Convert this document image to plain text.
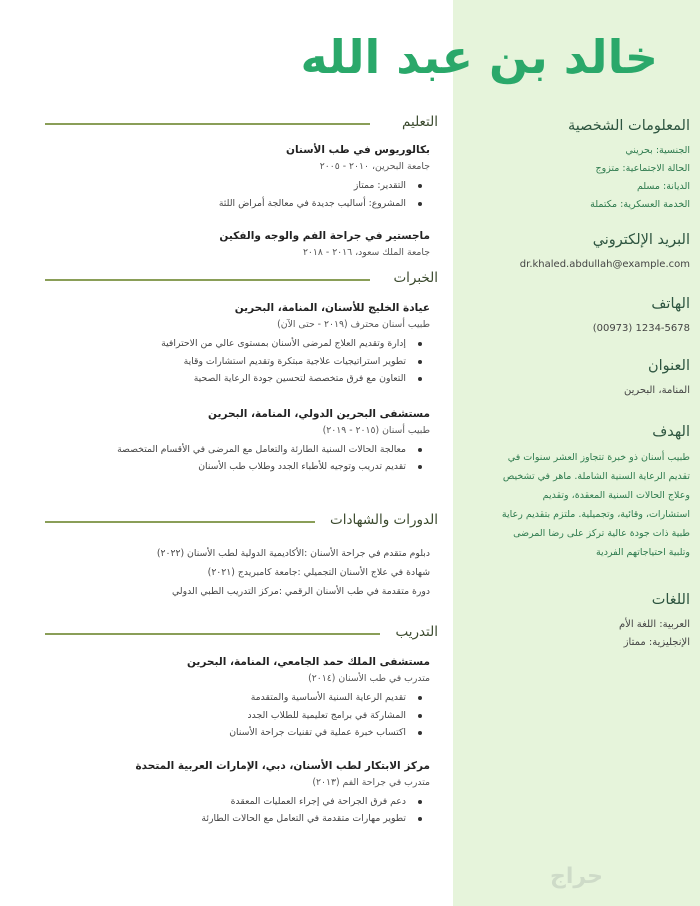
خالد بن عبد الله
المعلومات الشخصية
الجنسية: بحريني
الحالة الاجتماعية: متزوج
الديانة: مسلم
الخدمة العسكرية: مكتملة
البريد الإلكتروني
dr.khaled.abdullah@example.com
الهاتف
(00973) 1234-5678
العنوان
المنامة، البحرين
الهدف
طبيب أسنان ذو خبرة تتجاوز العشر سنوات في
تقديم الرعاية السنية الشاملة. ماهر في تشخيص
وعلاج الحالات السنية المعقدة، وتقديم
استشارات، وقائية، وتجميلية. ملتزم بتقديم رعاية
طبية ذات جودة عالية تركز على رضا المرضى
وتلبية احتياجاتهم الفردية
اللغات
العربية: اللغة الأم
الإنجليزية: ممتاز
التعليم
بكالوريوس في طب الأسنان
جامعة البحرين، ٢٠١٠ - ٢٠٠٥
التقدير: ممتاز
المشروع: أساليب جديدة في معالجة أمراض اللثة
ماجستير في جراحة الفم والوجه والفكين
جامعة الملك سعود، ٢٠١٦ - ٢٠١٨
الخبرات
عيادة الخليج للأسنان، المنامة، البحرين
طبيب أسنان محترف (٢٠١٩ - حتى الآن)
إدارة وتقديم العلاج لمرضى الأسنان بمستوى عالي من الاحترافية
تطوير استراتيجيات علاجية مبتكرة وتقديم استشارات وقاية
التعاون مع فرق متخصصة لتحسين جودة الرعاية الصحية
مستشفى البحرين الدولي، المنامة، البحرين
طبيب أسنان (٢٠١٥ - ٢٠١٩)
معالجة الحالات السنية الطارئة والتعامل مع المرضى في الأقسام المتخصصة
تقديم تدريب وتوجيه للأطباء الجدد وطلاب طب الأسنان
الدورات والشهادات
دبلوم متقدم في جراحة الأسنان :الأكاديمية الدولية لطب الأسنان (٢٠٢٢)
شهادة في علاج الأسنان التجميلي :جامعة كامبريدج (٢٠٢١)
دورة متقدمة في طب الأسنان الرقمي :مركز التدريب الطبي الدولي
التدريب
مستشفى الملك حمد الجامعي، المنامة، البحرين
متدرب في طب الأسنان (٢٠١٤)
تقديم الرعاية السنية الأساسية والمتقدمة
المشاركة في برامج تعليمية للطلاب الجدد
اكتساب خبرة عملية في تقنيات جراحة الأسنان
مركز الابتكار لطب الأسنان، دبي، الإمارات العربية المتحدة
متدرب في جراحة الفم (٢٠١٣)
دعم فرق الجراحة في إجراء العمليات المعقدة
تطوير مهارات متقدمة في التعامل مع الحالات الطارئة
حراج
